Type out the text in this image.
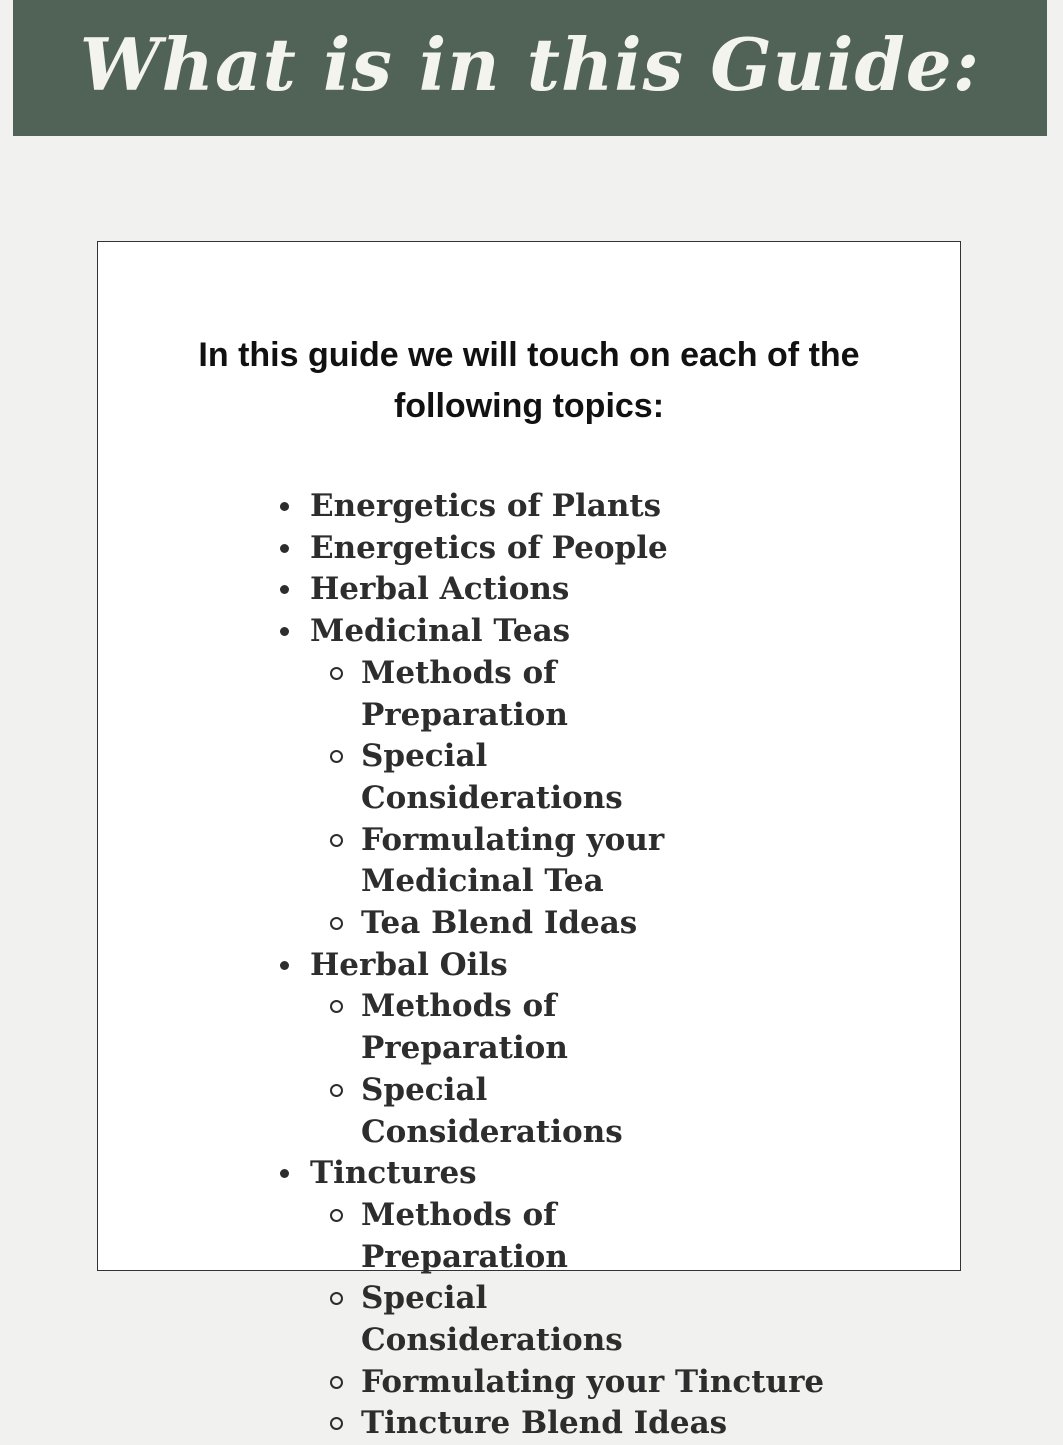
What is in this Guide:

In this guide we will touch on each of the following topics:

Energetics of Plants
Energetics of People
Herbal Actions
Medicinal Teas
Methods of Preparation
Special Considerations
Formulating your Medicinal Tea
Tea Blend Ideas
Herbal Oils
Methods of Preparation
Special Considerations
Tinctures
Methods of Preparation
Special Considerations
Formulating your Tincture
Tincture Blend Ideas
